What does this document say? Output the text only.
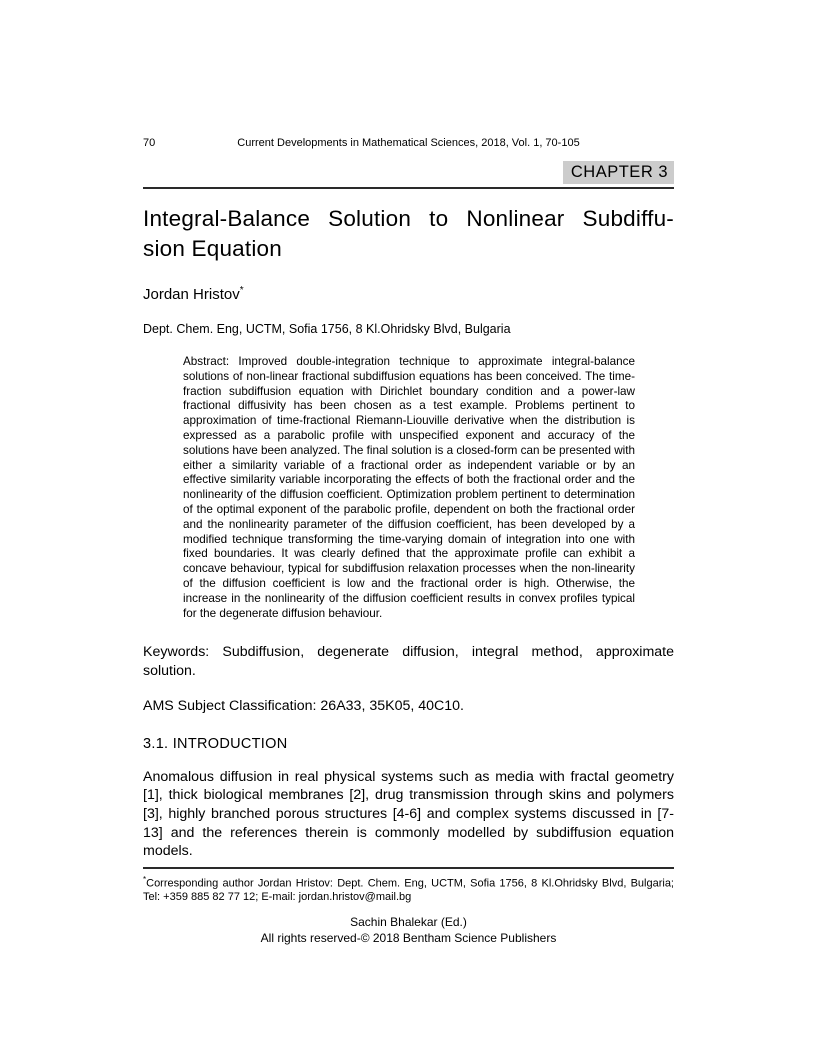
70	Current Developments in Mathematical Sciences, 2018, Vol. 1, 70-105
CHAPTER 3
Integral-Balance Solution to Nonlinear Subdiffu-
sion Equation
Jordan Hristov*
Dept. Chem. Eng, UCTM, Sofia 1756, 8 Kl.Ohridsky Blvd, Bulgaria
Abstract: Improved double-integration technique to approximate integral-balance solutions of non-linear fractional subdiffusion equations has been conceived. The time-fraction subdiffusion equation with Dirichlet boundary condition and a power-law fractional diffusivity has been chosen as a test example. Problems pertinent to approximation of time-fractional Riemann-Liouville derivative when the distribution is expressed as a parabolic profile with unspecified exponent and accuracy of the solutions have been analyzed. The final solution is a closed-form can be presented with either a similarity variable of a fractional order as independent variable or by an effective similarity variable incorporating the effects of both the fractional order and the nonlinearity of the diffusion coefficient. Optimization problem pertinent to determination of the optimal exponent of the parabolic profile, dependent on both the fractional order and the nonlinearity parameter of the diffusion coefficient, has been developed by a modified technique transforming the time-varying domain of integration into one with fixed boundaries. It was clearly defined that the approximate profile can exhibit a concave behaviour, typical for subdiffusion relaxation processes when the non-linearity of the diffusion coefficient is low and the fractional order is high. Otherwise, the increase in the nonlinearity of the diffusion coefficient results in convex profiles typical for the degenerate diffusion behaviour.
Keywords: Subdiffusion, degenerate diffusion, integral method, approximate solution.
AMS Subject Classification: 26A33, 35K05, 40C10.
3.1. INTRODUCTION
Anomalous diffusion in real physical systems such as media with fractal geometry [1], thick biological membranes [2], drug transmission through skins and polymers [3], highly branched porous structures [4-6] and complex systems discussed in [7-13] and the references therein is commonly modelled by subdiffusion equation models.
*Corresponding author Jordan Hristov: Dept. Chem. Eng, UCTM, Sofia 1756, 8 Kl.Ohridsky Blvd, Bulgaria; Tel: +359 885 82 77 12; E-mail: jordan.hristov@mail.bg
Sachin Bhalekar (Ed.)
All rights reserved-© 2018 Bentham Science Publishers
